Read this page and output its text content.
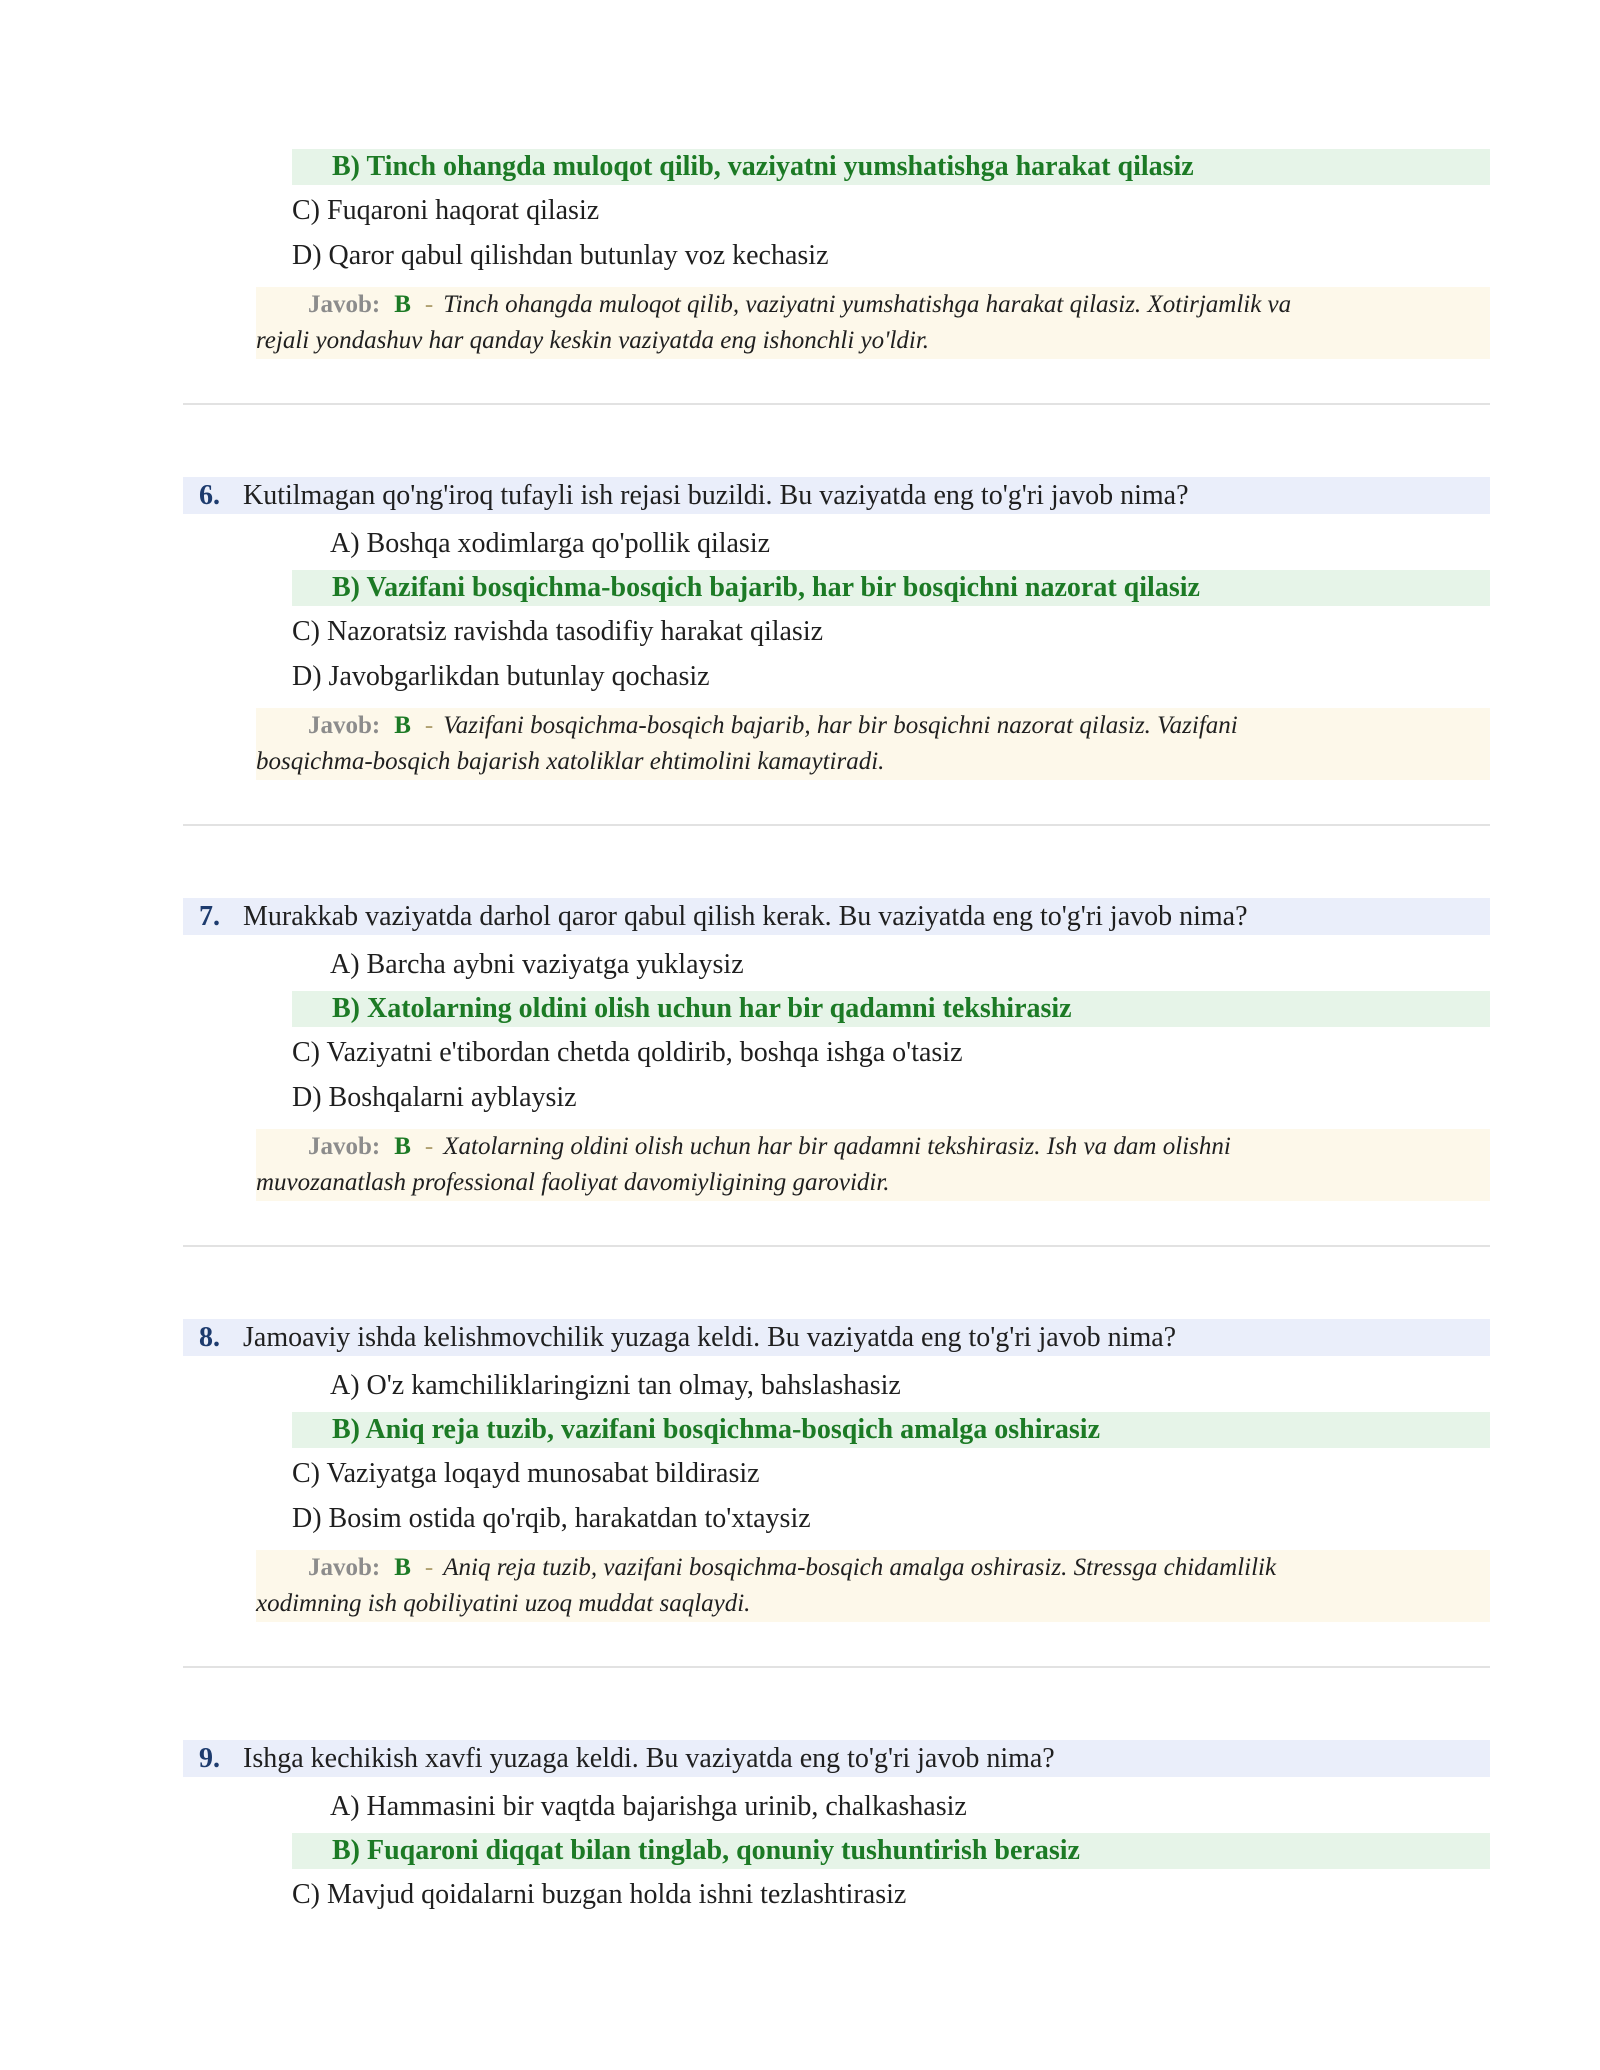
B) Tinch ohangda muloqot qilib, vaziyatni yumshatishga harakat qilasiz
C) Fuqaroni haqorat qilasiz
D) Qaror qabul qilishdan butunlay voz kechasiz
Javob: B - Tinch ohangda muloqot qilib, vaziyatni yumshatishga harakat qilasiz. Xotirjamlik va
rejali yondashuv har qanday keskin vaziyatda eng ishonchli yo'ldir.
6. Kutilmagan qo'ng'iroq tufayli ish rejasi buzildi. Bu vaziyatda eng to'g'ri javob nima?
A) Boshqa xodimlarga qo'pollik qilasiz
B) Vazifani bosqichma-bosqich bajarib, har bir bosqichni nazorat qilasiz
C) Nazoratsiz ravishda tasodifiy harakat qilasiz
D) Javobgarlikdan butunlay qochasiz
Javob: B - Vazifani bosqichma-bosqich bajarib, har bir bosqichni nazorat qilasiz. Vazifani
bosqichma-bosqich bajarish xatoliklar ehtimolini kamaytiradi.
7. Murakkab vaziyatda darhol qaror qabul qilish kerak. Bu vaziyatda eng to'g'ri javob nima?
A) Barcha aybni vaziyatga yuklaysiz
B) Xatolarning oldini olish uchun har bir qadamni tekshirasiz
C) Vaziyatni e'tibordan chetda qoldirib, boshqa ishga o'tasiz
D) Boshqalarni ayblaysiz
Javob: B - Xatolarning oldini olish uchun har bir qadamni tekshirasiz. Ish va dam olishni
muvozanatlash professional faoliyat davomiyligining garovidir.
8. Jamoaviy ishda kelishmovchilik yuzaga keldi. Bu vaziyatda eng to'g'ri javob nima?
A) O'z kamchiliklaringizni tan olmay, bahslashasiz
B) Aniq reja tuzib, vazifani bosqichma-bosqich amalga oshirasiz
C) Vaziyatga loqayd munosabat bildirasiz
D) Bosim ostida qo'rqib, harakatdan to'xtaysiz
Javob: B - Aniq reja tuzib, vazifani bosqichma-bosqich amalga oshirasiz. Stressga chidamlilik
xodimning ish qobiliyatini uzoq muddat saqlaydi.
9. Ishga kechikish xavfi yuzaga keldi. Bu vaziyatda eng to'g'ri javob nima?
A) Hammasini bir vaqtda bajarishga urinib, chalkashasiz
B) Fuqaroni diqqat bilan tinglab, qonuniy tushuntirish berasiz
C) Mavjud qoidalarni buzgan holda ishni tezlashtirasiz
